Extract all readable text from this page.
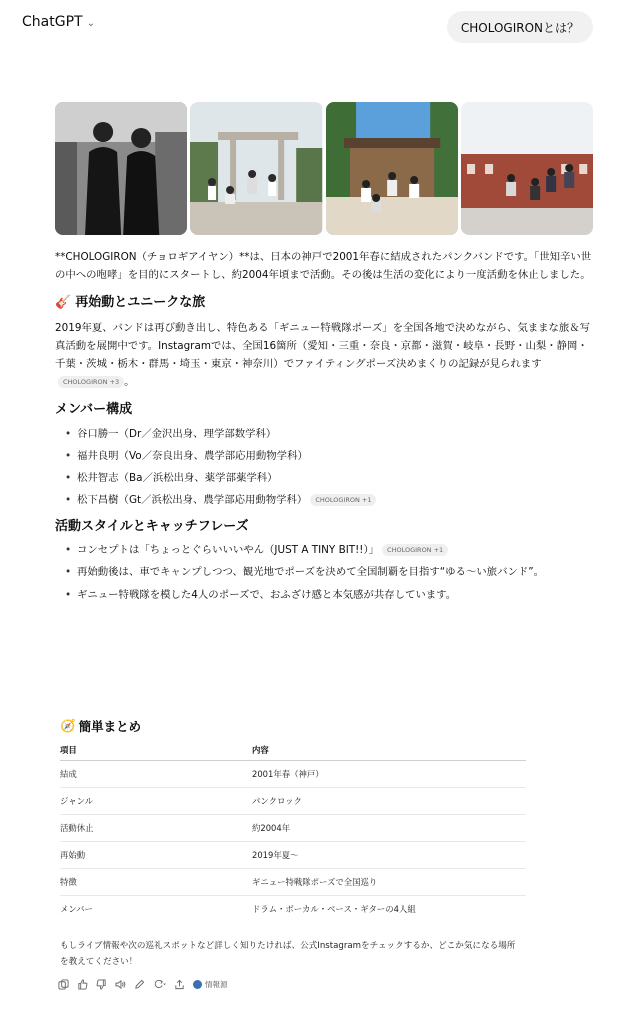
ChatGPT ⌄	CHOLOGIRONとは？

**CHOLOGIRON（チョロギアイヤン）**は、日本の神戸で2001年春に結成されたパンクバンドです。「世知辛い世の中への咆哮」を目的にスタートし、約2004年頃まで活動。その後は生活の変化により一度活動を休止しました。

🎸 再始動とユニークな旅

2019年夏、バンドは再び動き出し、特色ある「ギニュー特戦隊ポーズ」を全国各地で決めながら、気ままな旅＆写真活動を展開中です。Instagramでは、全国16箇所（愛知・三重・奈良・京都・滋賀・岐阜・長野・山梨・静岡・千葉・茨城・栃木・群馬・埼玉・東京・神奈川）でファイティングポーズ決めまくりの記録が見られますCHOLOGIRON +3 。

メンバー構成
• 谷口勝一（Dr／金沢出身、理学部数学科）
• 福井良明（Vo／奈良出身、農学部応用動物学科）
• 松井智志（Ba／浜松出身、薬学部薬学科）
• 松下昌樹（Gt／浜松出身、農学部応用動物学科） CHOLOGIRON +1
活動スタイルとキャッチフレーズ
• コンセプトは「ちょっとぐらいいいやん（JUST A TINY BIT!!）」 CHOLOGIRON +1
• 再始動後は、車でキャンプしつつ、観光地でポーズを決めて全国制覇を目指す“ゆる〜い旅バンド”。
• ギニュー特戦隊を模した4人のポーズで、おふざけ感と本気感が共存しています。
🧭 簡単まとめ
項目	内容
結成	2001年春（神戸）
ジャンル	パンクロック
活動休止	約2004年
再始動	2019年夏〜
特徴	ギニュー特戦隊ポーズで全国巡り
メンバー	ドラム・ボーカル・ベース・ギターの4人組

もしライブ情報や次の巡礼スポットなど詳しく知りたければ、公式Instagramをチェックするか、どこか気になる場所を教えてください！

情報源
